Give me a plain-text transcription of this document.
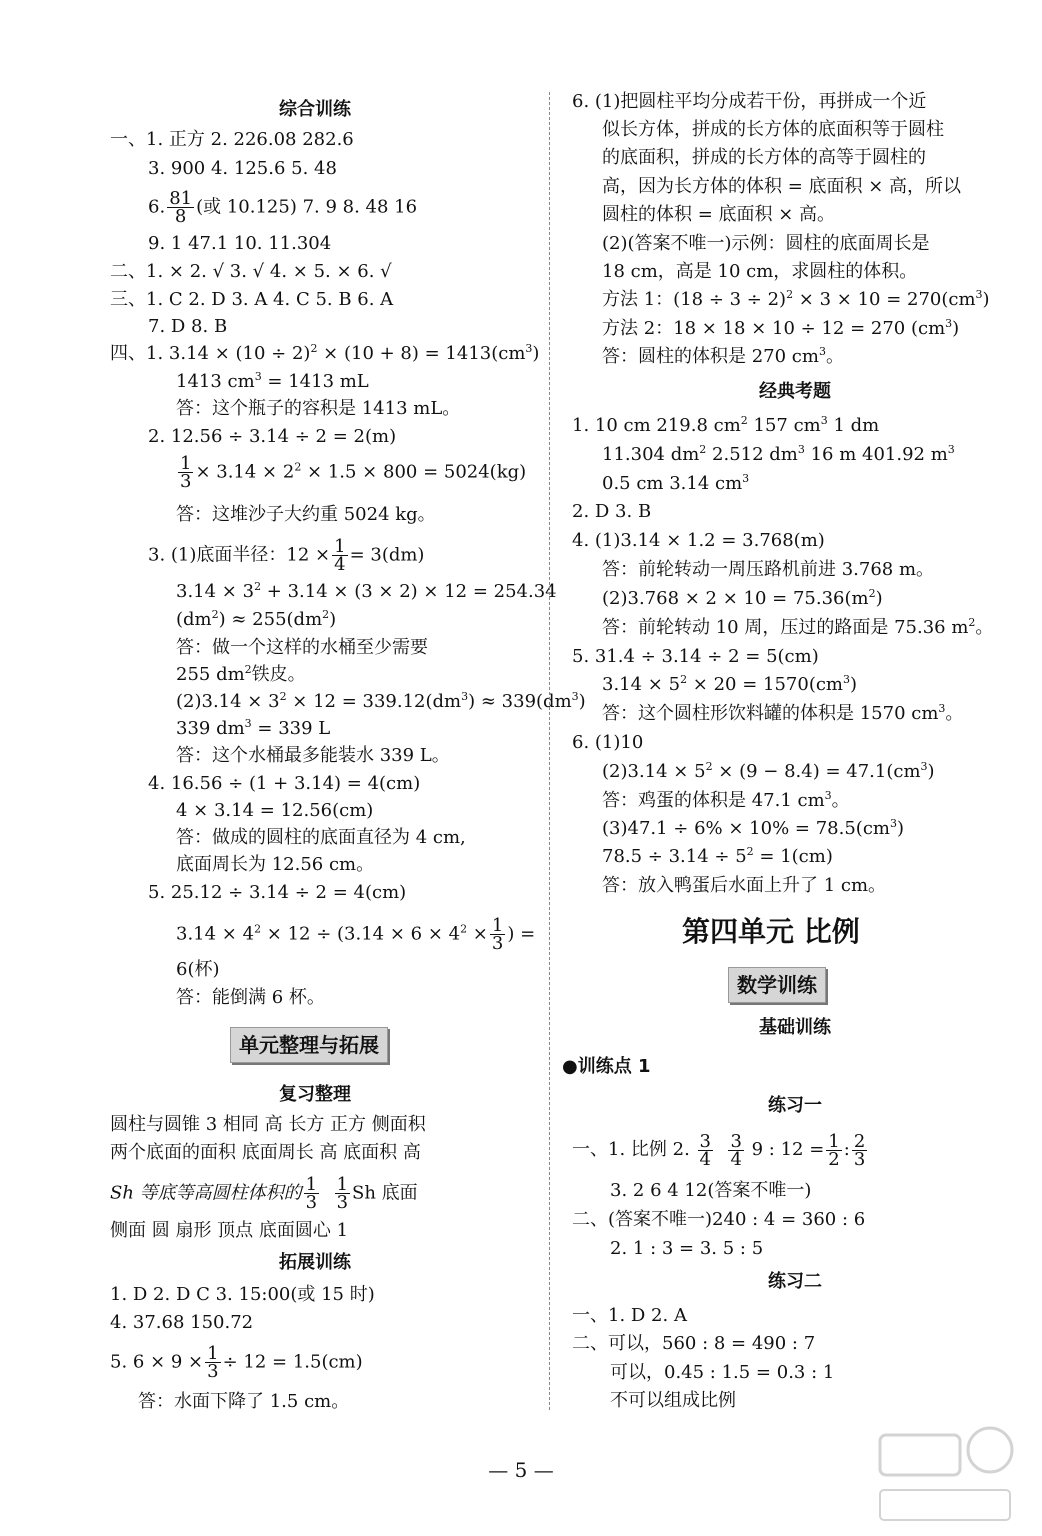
综合训练
一、1. 正方 2. 226.08 282.6
3. 900 4. 125.6 5. 48
6. $\frac{81}{8}$ (或 10.125) 7. 9 8. 48 16
9. 1 47.1 10. 11.304
二、1. × 2. √ 3. √ 4. × 5. × 6. √
三、1. C 2. D 3. A 4. C 5. B 6. A
7. D 8. B
四、1. $3.14 \times (10 \div 2)^2 \times (10 + 8) = 1413(cm^3)$
1413 $cm^3 = 1413$ mL
答：这个瓶子的容积是 1413 mL。
2. 12.56 ÷ 3.14 ÷ 2 = 2(m)
$\frac{1}{3} \times 3.14 \times 2^2 \times 1.5 \times 800 = 5024(kg)$
答：这堆沙子大约重 5024 kg。
3. (1)底面半径：$12 \times \frac{1}{4} = 3(dm)$
$3.14 \times 3^2 + 3.14 \times (3 \times 2) \times 12 = 254.34$
$(dm^2) \approx 255(dm^2)$
答：做一个这样的水桶至少需要
255 $dm^2$铁皮。
$(2)3.14 \times 3^2 \times 12 = 339.12(dm^3) \approx 339(dm^3)$
339 $dm^3 = 339$ L
答：这个水桶最多能装水 339 L。
4. 16.56 ÷ (1 + 3.14) = 4(cm)
4 × 3.14 = 12.56(cm)
答：做成的圆柱的底面直径为 4 cm,
底面周长为 12.56 cm。
5. 25.12 ÷ 3.14 ÷ 2 = 4(cm)
$3.14 \times 4^2 \times 12 \div (3.14 \times 6 \times 4^2 \times \frac{1}{3}$ ) =
6(杯)
答：能倒满 6 杯。
单元整理与拓展
复习整理
圆柱与圆锥 3 相同 高 长方 正方 侧面积
两个底面的面积 底面周长 高 底面积 高
Sh 等底等高圆柱体积的 $\frac{1}{3}$
$\frac{1}{3}$ Sh 底面
侧面 圆 扇形 顶点 底面圆心 1
拓展训练
1. D 2. D C 3. 15:00(或 15 时)
4. 37.68 150.72
5. $6 \times 9 \times \frac{1}{3} \div 12 = 1.5(cm)$
答：水面下降了 1.5 cm。
6. (1)把圆柱平均分成若干份，再拼成一个近
似长方体，拼成的长方体的底面积等于圆柱
的底面积，拼成的长方体的高等于圆柱的
高，因为长方体的体积 = 底面积 × 高，所以
圆柱的体积 = 底面积 × 高。
(2)(答案不唯一)示例：圆柱的底面周长是
18 cm，高是 10 cm，求圆柱的体积。
方法 1：$(18 \div 3 \div 2)^2 \times 3 \times 10 = 270(cm^3)$
方法 2：18 × 18 × 10 ÷ 12 = 270 $(cm^3)$
答：圆柱的体积是 270 $cm^3$。
经典考题
1. 10 cm 219.8 $cm^2$ 157 $cm^3$ 1 dm
11.304 $dm^2$ 2.512 $dm^3$ 16 m 401.92 $m^3$
0.5 cm 3.14 $cm^3$
2. D 3. B
4. (1)3.14 × 1.2 = 3.768(m)
答：前轮转动一周压路机前进 3.768 m。
$(2)3.768 \times 2 \times 10 = 75.36(m^2)$
答：前轮转动 10 周，压过的路面是 75.36 $m^2$。
5. 31.4 ÷ 3.14 ÷ 2 = 5(cm)
$3.14 \times 5^2 \times 20 = 1570(cm^3)$
答：这个圆柱形饮料罐的体积是 1570 $cm^3$。
6. (1)10
$(2)3.14 \times 5^2 \times (9 - 8.4) = 47.1(cm^3)$
答：鸡蛋的体积是 47.1 $cm^3$。
$(3)47.1 \div 6\% \times 10\% = 78.5(cm^3)$
$78.5 \div 3.14 \div 5^2 = 1(cm)$
答：放入鸭蛋后水面上升了 1 cm。
第四单元 比例
数学训练
基础训练
●训练点 1
练习一
一、1. 比例 2. $\frac{3}{4}$
$\frac{3}{4} 9$ : $12 = \frac{1}{2}$ : $\frac{2}{3}$
3. 2 6 4 12(答案不唯一)
二、(答案不唯一)240 : 4 = 360 : 6
2. 1 : 3 = 3. 5 : 5
练习二
一、1. D 2. A
二、可以，560 : 8 = 490 : 7
可以，0.45 : 1.5 = 0.3 : 1
不可以组成比例
— 5 —
